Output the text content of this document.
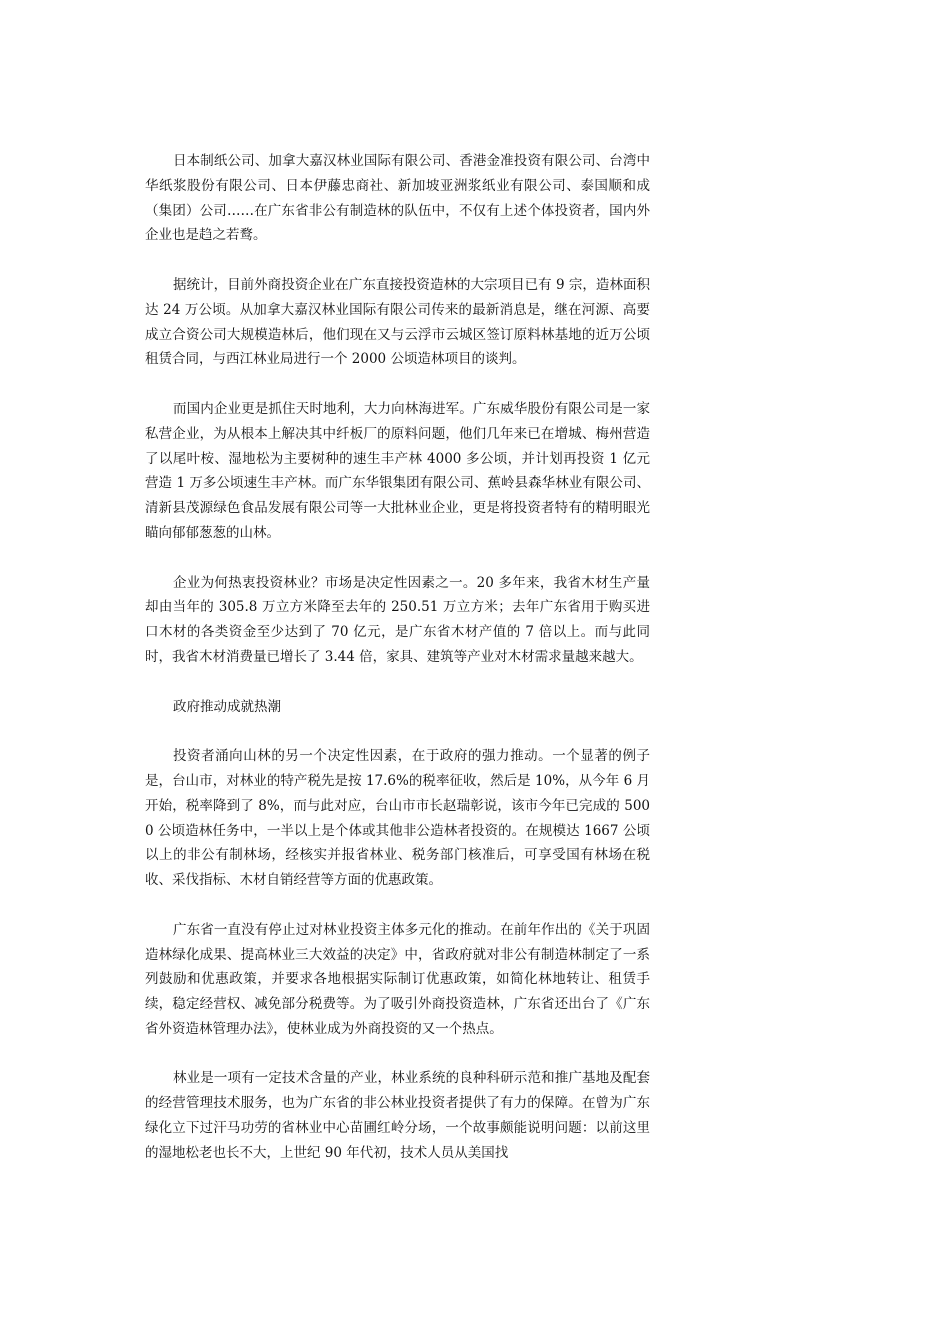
日本制纸公司、加拿大嘉汉林业国际有限公司、香港金准投资有限公司、台湾中华纸浆股份有限公司、日本伊藤忠商社、新加坡亚洲浆纸业有限公司、泰国顺和成（集团）公司……在广东省非公有制造林的队伍中，不仅有上述个体投资者，国内外企业也是趋之若鹜。

据统计，目前外商投资企业在广东直接投资造林的大宗项目已有 9 宗，造林面积达 24 万公顷。从加拿大嘉汉林业国际有限公司传来的最新消息是，继在河源、高要成立合资公司大规模造林后，他们现在又与云浮市云城区签订原料林基地的近万公顷租赁合同，与西江林业局进行一个 2000 公顷造林项目的谈判。

而国内企业更是抓住天时地利，大力向林海进军。广东威华股份有限公司是一家私营企业，为从根本上解决其中纤板厂的原料问题，他们几年来已在增城、梅州营造了以尾叶桉、湿地松为主要树种的速生丰产林 4000 多公顷，并计划再投资 1 亿元营造 1 万多公顷速生丰产林。而广东华银集团有限公司、蕉岭县森华林业有限公司、清新县茂源绿色食品发展有限公司等一大批林业企业，更是将投资者特有的精明眼光瞄向郁郁葱葱的山林。

企业为何热衷投资林业？市场是决定性因素之一。20 多年来，我省木材生产量却由当年的 305.8 万立方米降至去年的 250.51 万立方米；去年广东省用于购买进口木材的各类资金至少达到了 70 亿元，是广东省木材产值的 7 倍以上。而与此同时，我省木材消费量已增长了 3.44 倍，家具、建筑等产业对木材需求量越来越大。

政府推动成就热潮

投资者涌向山林的另一个决定性因素，在于政府的强力推动。一个显著的例子是，台山市，对林业的特产税先是按 17.6%的税率征收，然后是 10%，从今年 6 月开始，税率降到了 8%，而与此对应，台山市市长赵瑞彰说，该市今年已完成的 5000 公顷造林任务中，一半以上是个体或其他非公造林者投资的。在规模达 1667 公顷以上的非公有制林场，经核实并报省林业、税务部门核准后，可享受国有林场在税收、采伐指标、木材自销经营等方面的优惠政策。

广东省一直没有停止过对林业投资主体多元化的推动。在前年作出的《关于巩固造林绿化成果、提高林业三大效益的决定》中，省政府就对非公有制造林制定了一系列鼓励和优惠政策，并要求各地根据实际制订优惠政策，如简化林地转让、租赁手续，稳定经营权、减免部分税费等。为了吸引外商投资造林，广东省还出台了《广东省外资造林管理办法》，使林业成为外商投资的又一个热点。

林业是一项有一定技术含量的产业，林业系统的良种科研示范和推广基地及配套的经营管理技术服务，也为广东省的非公林业投资者提供了有力的保障。在曾为广东绿化立下过汗马功劳的省林业中心苗圃红岭分场，一个故事颇能说明问题：以前这里的湿地松老也长不大，上世纪 90 年代初，技术人员从美国找
